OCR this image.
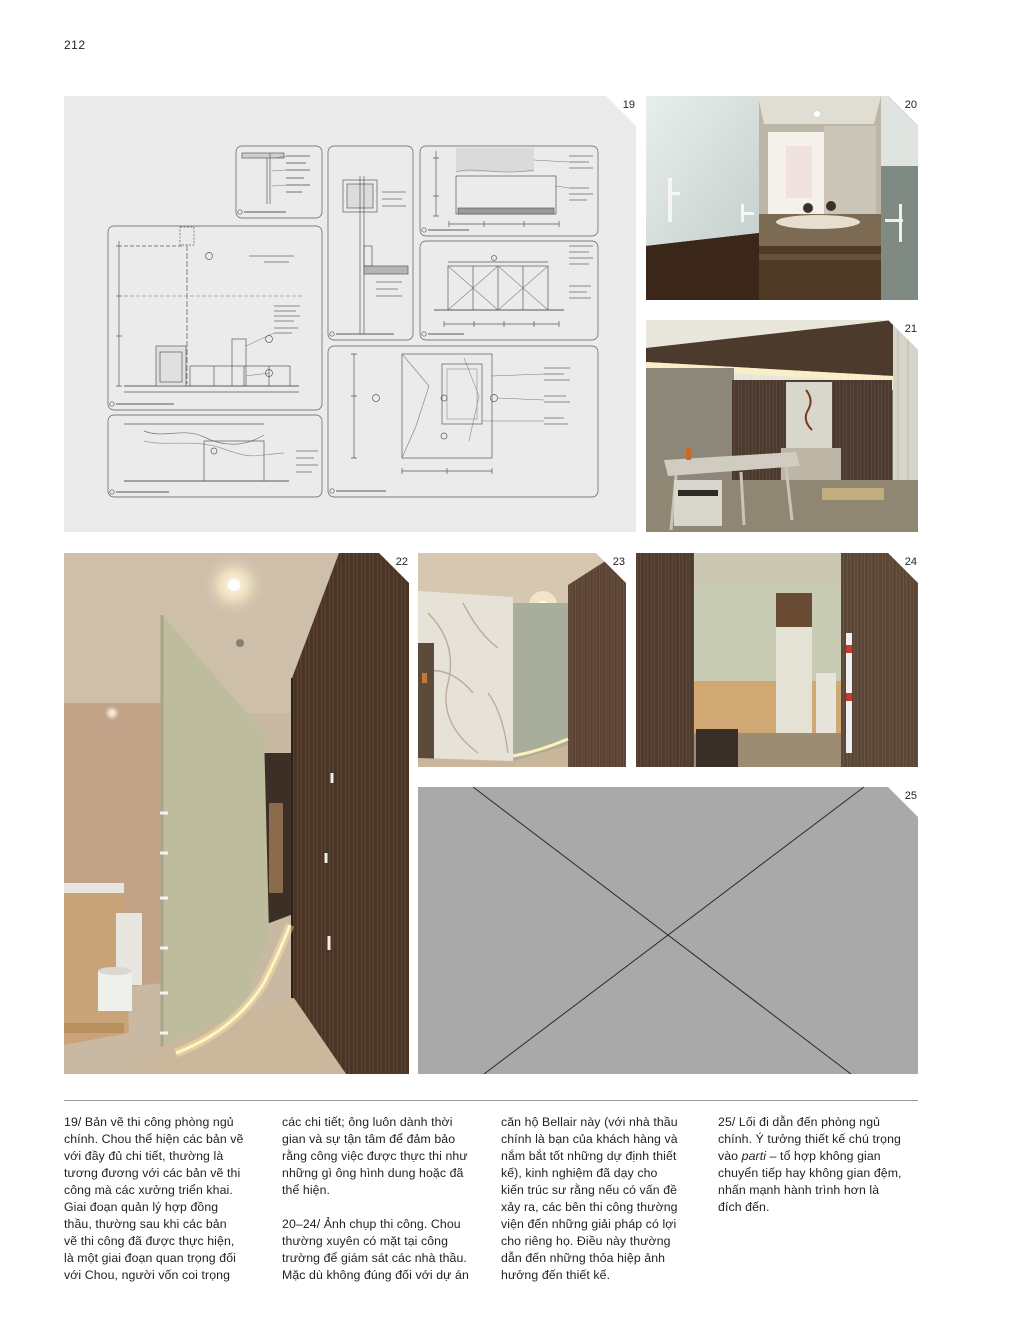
212
19	20
21
22	23	24
25
19/ Bản vẽ thi công phòng ngủ
chính. Chou thể hiện các bản vẽ
với đầy đủ chi tiết, thường là
tương đương với các bản vẽ thi
công mà các xưởng triển khai.
Giai đoạn quản lý hợp đồng
thầu, thường sau khi các bản
vẽ thi công đã được thực hiện,
là một giai đoạn quan trọng đối
với Chou, người vốn coi trọng
các chi tiết; ông luôn dành thời
gian và sự tận tâm để đảm bảo
rằng công việc được thực thi như
những gì ông hình dung hoặc đã
thể hiện.
20–24/ Ảnh chụp thi công. Chou
thường xuyên có mặt tại công
trường để giám sát các nhà thầu.
Mặc dù không đúng đối với dự án
căn hộ Bellair này (với nhà thầu
chính là bạn của khách hàng và
nắm bắt tốt những dự định thiết
kế), kinh nghiệm đã dạy cho
kiến trúc sư rằng nếu có vấn đề
xảy ra, các bên thi công thường
viện đến những giải pháp có lợi
cho riêng họ. Điều này thường
dẫn đến những thỏa hiệp ảnh
hưởng đến thiết kế.
25/ Lối đi dẫn đến phòng ngủ
chính. Ý tưởng thiết kế chú trọng
vào parti – tổ hợp không gian
chuyển tiếp hay không gian đệm,
nhấn mạnh hành trình hơn là
đích đến.
